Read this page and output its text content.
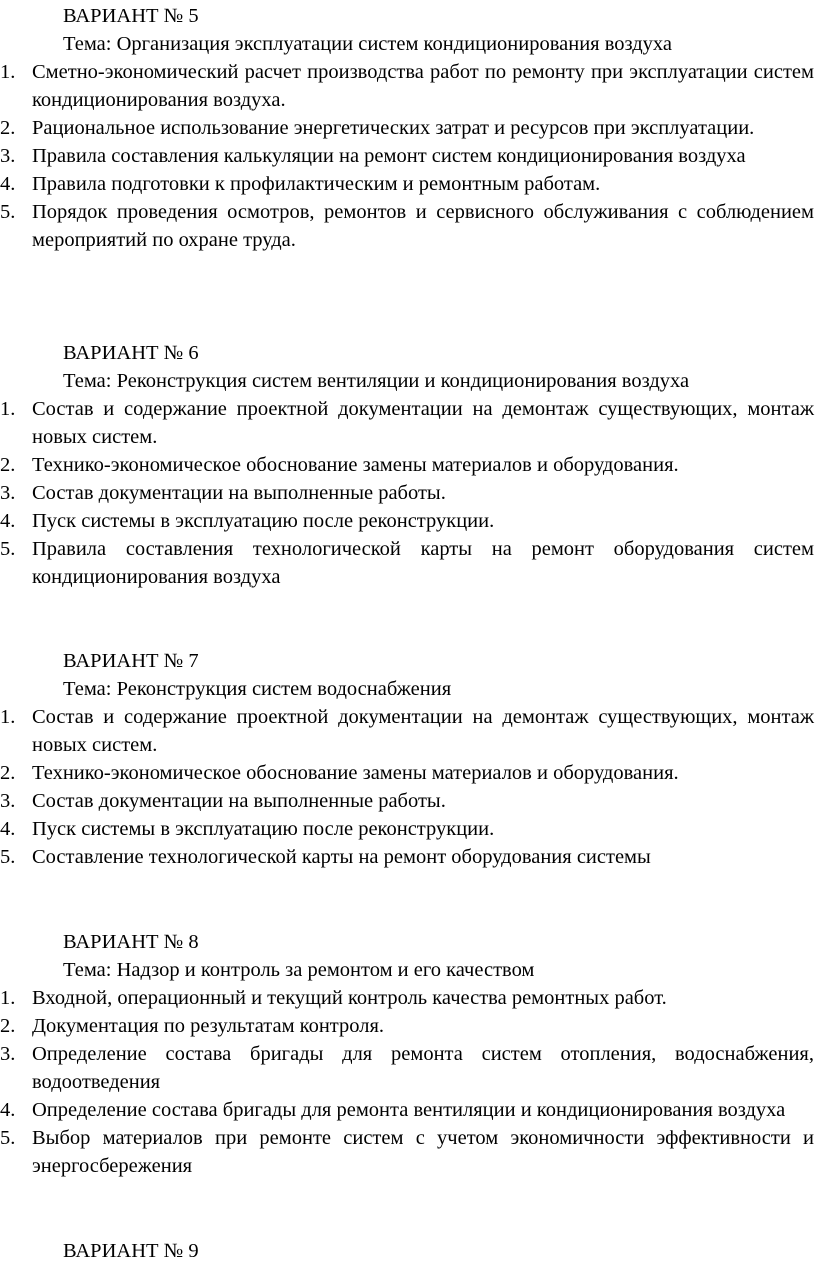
ВАРИАНТ № 5
Тема: Организация эксплуатации систем кондиционирования воздуха
1. Сметно-экономический расчет производства работ по ремонту при эксплуатации систем кондиционирования воздуха.
2. Рациональное использование энергетических затрат и ресурсов при эксплуатации.
3. Правила составления калькуляции на ремонт систем кондиционирования воздуха
4. Правила подготовки к профилактическим и ремонтным работам.
5. Порядок проведения осмотров, ремонтов и сервисного обслуживания с соблюдением мероприятий по охране труда.
ВАРИАНТ № 6
Тема: Реконструкция систем вентиляции и кондиционирования воздуха
1. Состав и содержание проектной документации на демонтаж существующих, монтаж новых систем.
2. Технико-экономическое обоснование замены материалов и оборудования.
3. Состав документации на выполненные работы.
4. Пуск системы в эксплуатацию после реконструкции.
5. Правила составления технологической карты на ремонт оборудования систем кондиционирования воздуха
ВАРИАНТ № 7
Тема: Реконструкция систем водоснабжения
1. Состав и содержание проектной документации на демонтаж существующих, монтаж новых систем.
2. Технико-экономическое обоснование замены материалов и оборудования.
3. Состав документации на выполненные работы.
4. Пуск системы в эксплуатацию после реконструкции.
5. Составление технологической карты на ремонт оборудования системы
ВАРИАНТ № 8
Тема: Надзор и контроль за ремонтом и его качеством
1. Входной, операционный и текущий контроль качества ремонтных работ.
2. Документация по результатам контроля.
3. Определение состава бригады для ремонта систем отопления, водоснабжения, водоотведения
4. Определение состава бригады для ремонта вентиляции и кондиционирования воздуха
5. Выбор материалов при ремонте систем с учетом экономичности эффективности и энергосбережения
ВАРИАНТ № 9
